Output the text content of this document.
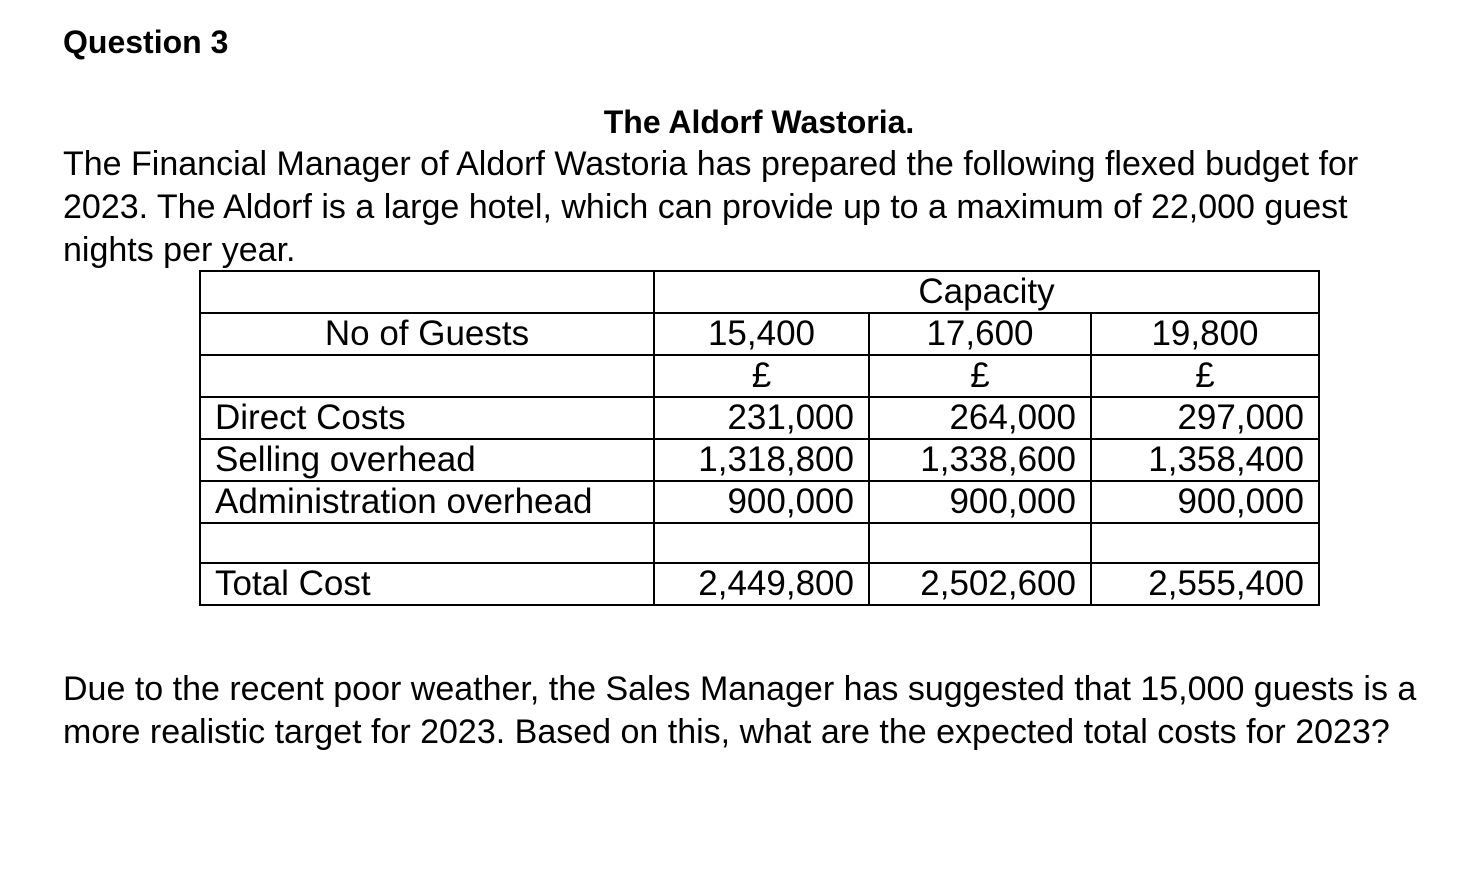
Question 3
The Aldorf Wastoria.
The Financial Manager of Aldorf Wastoria has prepared the following flexed budget for 2023. The Aldorf is a large hotel, which can provide up to a maximum of 22,000 guest nights per year.
	Capacity		
No of Guests	15,400	17,600	19,800
	£	£	£
Direct Costs	231,000	264,000	297,000
Selling overhead	1,318,800	1,338,600	1,358,400
Administration overhead	900,000	900,000	900,000

Total Cost	2,449,800	2,502,600	2,555,400
Due to the recent poor weather, the Sales Manager has suggested that 15,000 guests is a more realistic target for 2023. Based on this, what are the expected total costs for 2023?
